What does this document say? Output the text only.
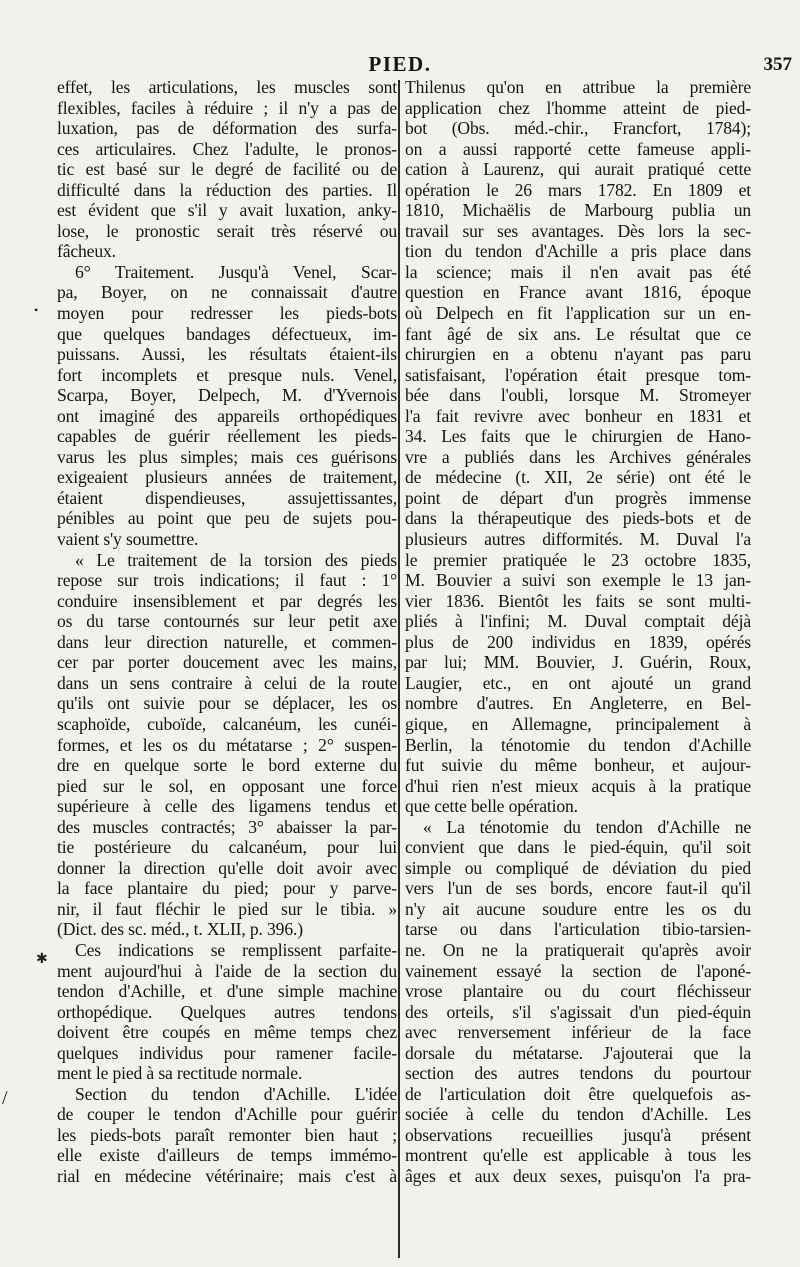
PIED.	357
effet, les articulations, les muscles sont
flexibles, faciles à réduire ; il n'y a pas de
luxation, pas de déformation des surfa-
ces articulaires. Chez l'adulte, le pronos-
tic est basé sur le degré de facilité ou de
difficulté dans la réduction des parties. Il
est évident que s'il y avait luxation, anky-
lose, le pronostic serait très réservé ou
fâcheux.
6° Traitement. Jusqu'à Venel, Scar-
pa, Boyer, on ne connaissait d'autre
moyen pour redresser les pieds-bots
que quelques bandages défectueux, im-
puissans. Aussi, les résultats étaient-ils
fort incomplets et presque nuls. Venel,
Scarpa, Boyer, Delpech, M. d'Yvernois
ont imaginé des appareils orthopédiques
capables de guérir réellement les pieds-
varus les plus simples; mais ces guérisons
exigeaient plusieurs années de traitement,
étaient dispendieuses, assujettissantes,
pénibles au point que peu de sujets pou-
vaient s'y soumettre.
« Le traitement de la torsion des pieds
repose sur trois indications; il faut : 1°
conduire insensiblement et par degrés les
os du tarse contournés sur leur petit axe
dans leur direction naturelle, et commen-
cer par porter doucement avec les mains,
dans un sens contraire à celui de la route
qu'ils ont suivie pour se déplacer, les os
scaphoïde, cuboïde, calcanéum, les cunéi-
formes, et les os du métatarse ; 2° suspen-
dre en quelque sorte le bord externe du
pied sur le sol, en opposant une force
supérieure à celle des ligamens tendus et
des muscles contractés; 3° abaisser la par-
tie postérieure du calcanéum, pour lui
donner la direction qu'elle doit avoir avec
la face plantaire du pied; pour y parve-
nir, il faut fléchir le pied sur le tibia. »
(Dict. des sc. méd., t. XLII, p. 396.)
Ces indications se remplissent parfaite-
ment aujourd'hui à l'aide de la section du
tendon d'Achille, et d'une simple machine
orthopédique. Quelques autres tendons
doivent être coupés en même temps chez
quelques individus pour ramener facile-
ment le pied à sa rectitude normale.
Section du tendon d'Achille. L'idée
de couper le tendon d'Achille pour guérir
les pieds-bots paraît remonter bien haut ;
elle existe d'ailleurs de temps immémo-
rial en médecine vétérinaire; mais c'est à
Thilenus qu'on en attribue la première
application chez l'homme atteint de pied-
bot (Obs. méd.-chir., Francfort, 1784);
on a aussi rapporté cette fameuse appli-
cation à Laurenz, qui aurait pratiqué cette
opération le 26 mars 1782. En 1809 et
1810, Michaëlis de Marbourg publia un
travail sur ses avantages. Dès lors la sec-
tion du tendon d'Achille a pris place dans
la science; mais il n'en avait pas été
question en France avant 1816, époque
où Delpech en fit l'application sur un en-
fant âgé de six ans. Le résultat que ce
chirurgien en a obtenu n'ayant pas paru
satisfaisant, l'opération était presque tom-
bée dans l'oubli, lorsque M. Stromeyer
l'a fait revivre avec bonheur en 1831 et
34. Les faits que le chirurgien de Hano-
vre a publiés dans les Archives générales
de médecine (t. XII, 2e série) ont été le
point de départ d'un progrès immense
dans la thérapeutique des pieds-bots et de
plusieurs autres difformités. M. Duval l'a
le premier pratiquée le 23 octobre 1835,
M. Bouvier a suivi son exemple le 13 jan-
vier 1836. Bientôt les faits se sont multi-
pliés à l'infini; M. Duval comptait déjà
plus de 200 individus en 1839, opérés
par lui; MM. Bouvier, J. Guérin, Roux,
Laugier, etc., en ont ajouté un grand
nombre d'autres. En Angleterre, en Bel-
gique, en Allemagne, principalement à
Berlin, la ténotomie du tendon d'Achille
fut suivie du même bonheur, et aujour-
d'hui rien n'est mieux acquis à la pratique
que cette belle opération.
« La ténotomie du tendon d'Achille ne
convient que dans le pied-équin, qu'il soit
simple ou compliqué de déviation du pied
vers l'un de ses bords, encore faut-il qu'il
n'y ait aucune soudure entre les os du
tarse ou dans l'articulation tibio-tarsien-
ne. On ne la pratiquerait qu'après avoir
vainement essayé la section de l'aponé-
vrose plantaire ou du court fléchisseur
des orteils, s'il s'agissait d'un pied-équin
avec renversement inférieur de la face
dorsale du métatarse. J'ajouterai que la
section des autres tendons du pourtour
de l'articulation doit être quelquefois as-
sociée à celle du tendon d'Achille. Les
observations recueillies jusqu'à présent
montrent qu'elle est applicable à tous les
âges et aux deux sexes, puisqu'on l'a pra-
•
✱
/
